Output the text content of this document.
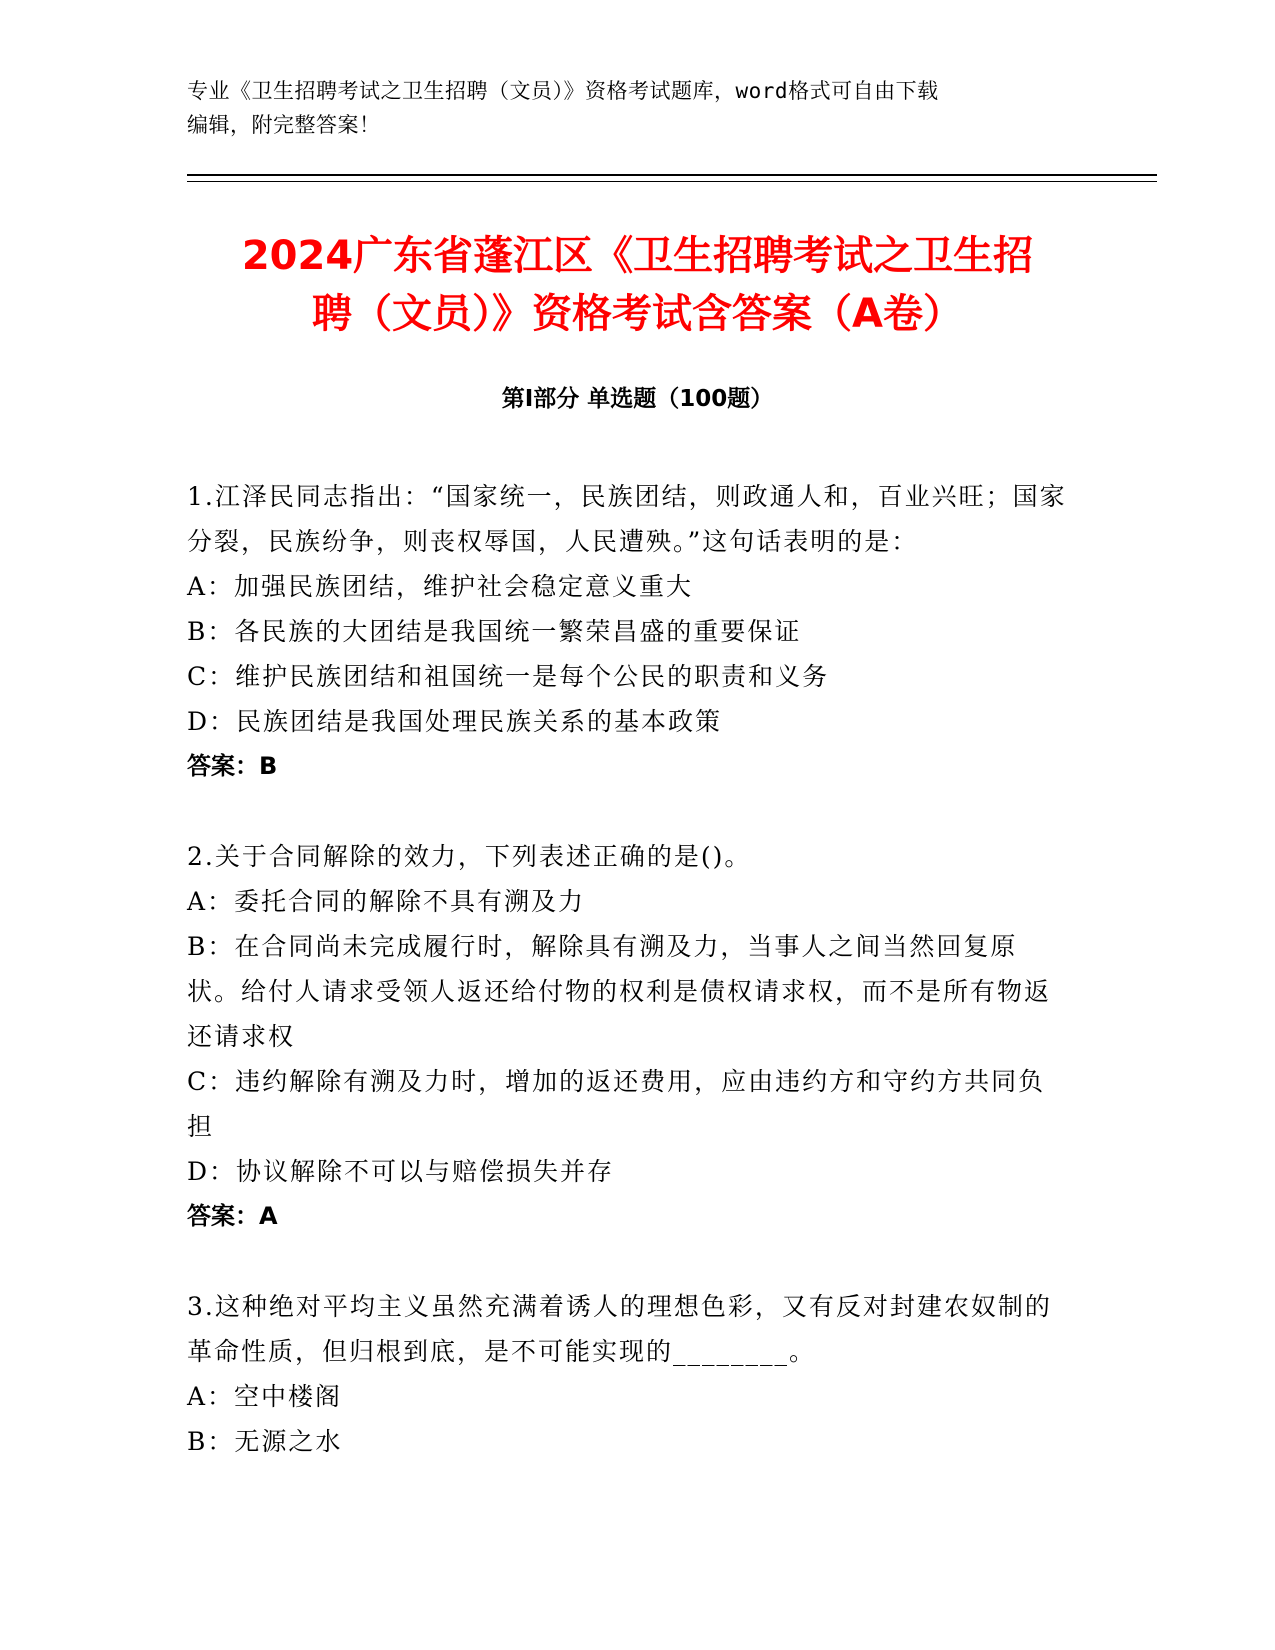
专业《卫生招聘考试之卫生招聘（文员）》资格考试题库，word格式可自由下载
编辑，附完整答案！
2024广东省蓬江区《卫生招聘考试之卫生招
聘（文员）》资格考试含答案（A卷）
第Ⅰ部分 单选题（100题）
1.江泽民同志指出：“国家统一，民族团结，则政通人和，百业兴旺；国家分裂，民族纷争，则丧权辱国，人民遭殃。”这句话表明的是：
A：加强民族团结，维护社会稳定意义重大
B：各民族的大团结是我国统一繁荣昌盛的重要保证
C：维护民族团结和祖国统一是每个公民的职责和义务
D：民族团结是我国处理民族关系的基本政策
答案：B
2.关于合同解除的效力，下列表述正确的是()。
A：委托合同的解除不具有溯及力
B：在合同尚未完成履行时，解除具有溯及力，当事人之间当然回复原状。给付人请求受领人返还给付物的权利是债权请求权，而不是所有物返还请求权
C：违约解除有溯及力时，增加的返还费用，应由违约方和守约方共同负担
D：协议解除不可以与赔偿损失并存
答案：A
3.这种绝对平均主义虽然充满着诱人的理想色彩，又有反对封建农奴制的革命性质，但归根到底，是不可能实现的________。
A：空中楼阁
B：无源之水
